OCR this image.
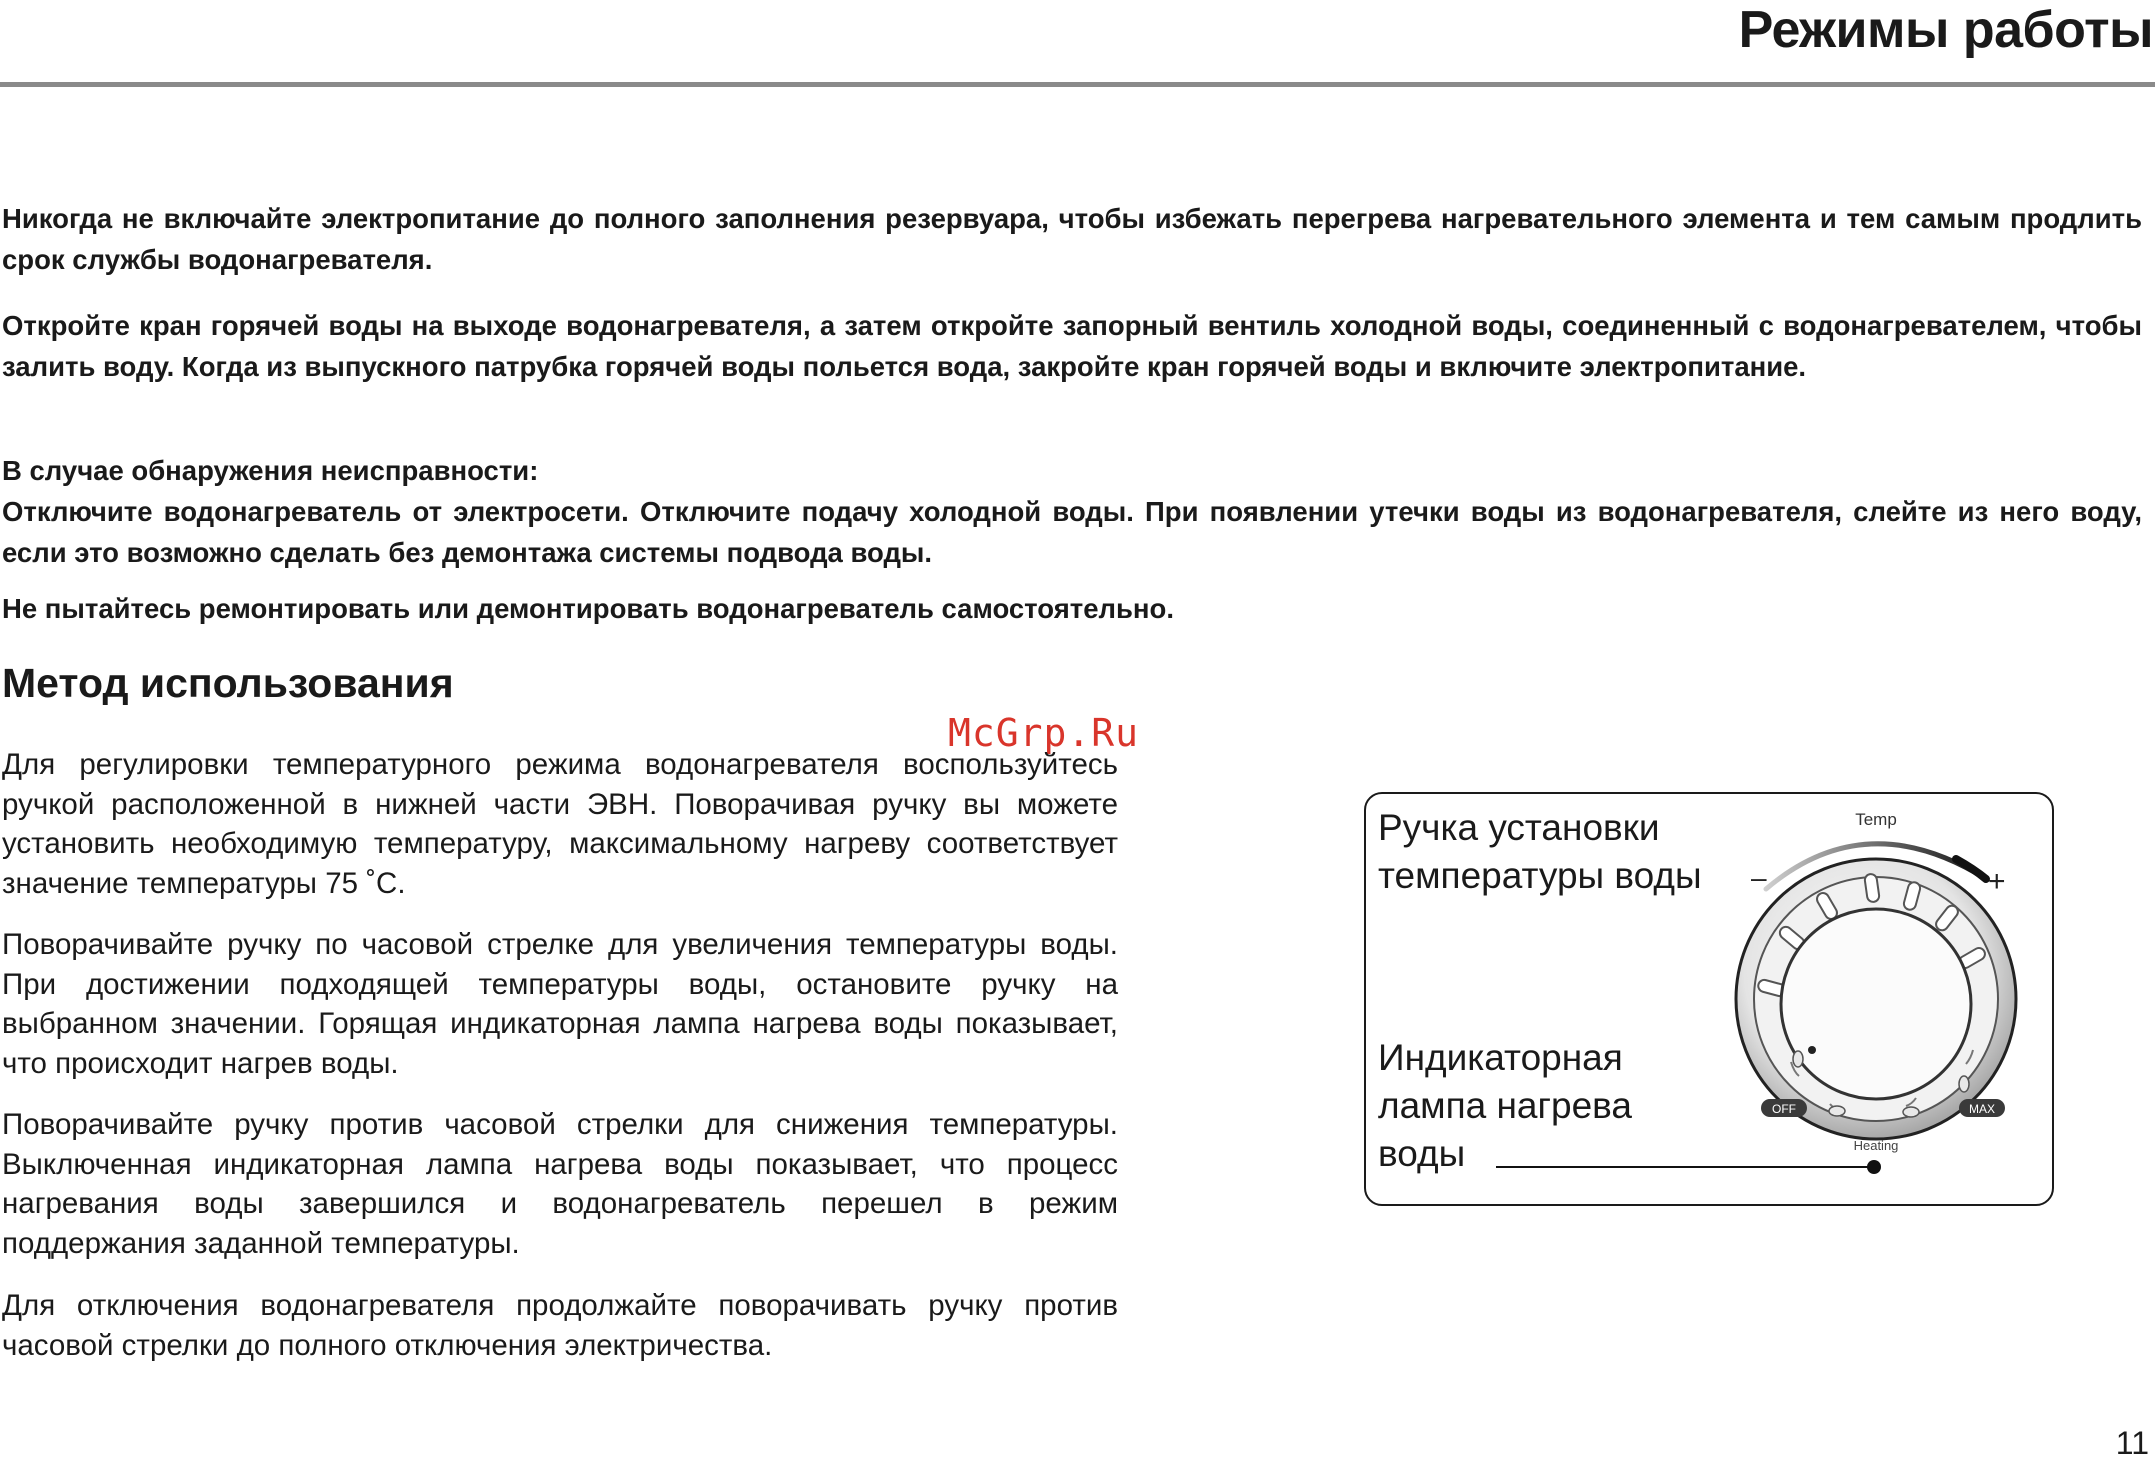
Режимы работы

Никогда не включайте электропитание до полного заполнения резервуара, чтобы избежать перегрева нагревательного элемента и тем самым продлить срок службы водонагревателя.

Откройте кран горячей воды на выходе водонагревателя, а затем откройте запорный вентиль холодной воды, соединенный с водонагревателем, чтобы залить воду. Когда из выпускного патрубка горячей воды польется вода, закройте кран горячей воды и включите электропитание.

В случае обнаружения неисправности:

Отключите водонагреватель от электросети. Отключите подачу холодной воды. При появлении утечки воды из водонагревателя, слейте из него воду, если это возможно сделать без демонтажа системы подвода воды.

Не пытайтесь ремонтировать или демонтировать водонагреватель самостоятельно.

Метод использования
McGrp.Ru

Для регулировки температурного режима водонагревателя воспользуйтесь ручкой расположенной в нижней части ЭВН. Поворачивая ручку вы можете установить необходимую температуру, максимальному нагреву соответствует значение температуры 75 ˚С.

Поворачивайте ручку по часовой стрелке для увеличения температуры воды. При достижении подходящей температуры воды, остановите ручку на выбранном значении. Горящая индикаторная лампа нагрева воды показывает, что происходит нагрев воды.

Поворачивайте ручку против часовой стрелки для снижения температуры. Выключенная индикаторная лампа нагрева воды показывает, что процесс нагревания воды завершился и водонагреватель перешел в режим поддержания заданной температуры.

Для отключения водонагревателя продолжайте поворачивать ручку против часовой стрелки до полного отключения электричества.

Ручка установки
температуры воды
Индикаторная
лампа нагрева
воды
Temp
–	+
OFF	MAX
Heating
11
